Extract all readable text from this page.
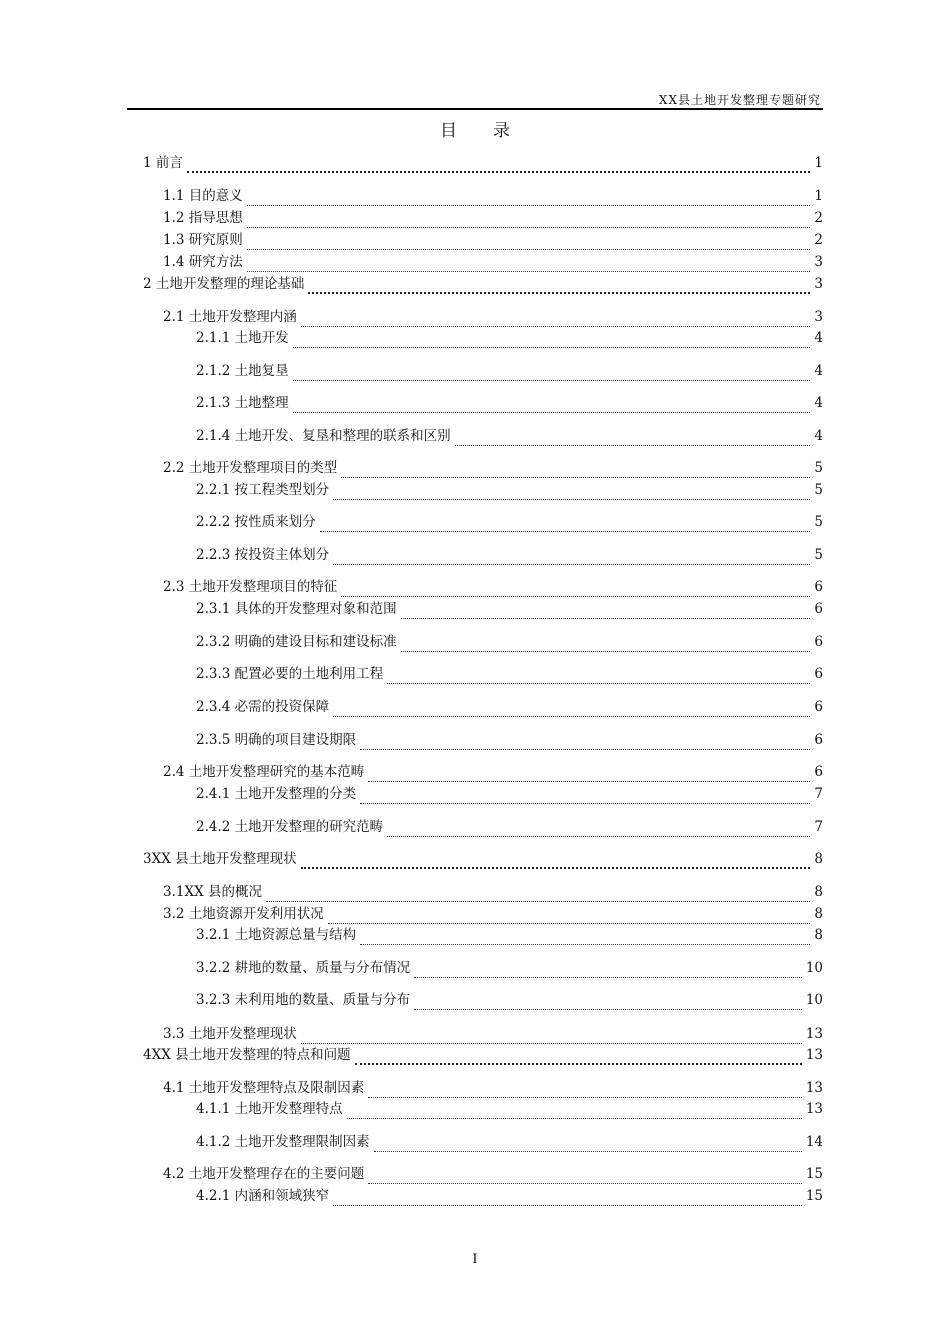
XX县土地开发整理专题研究
目录
1 前言	1
1.1 目的意义	1
1.2 指导思想	2
1.3 研究原则	2
1.4 研究方法	3
2 土地开发整理的理论基础	3
2.1 土地开发整理内涵	3
2.1.1 土地开发	4
2.1.2 土地复垦	4
2.1.3 土地整理	4
2.1.4 土地开发、复垦和整理的联系和区别	4
2.2 土地开发整理项目的类型	5
2.2.1 按工程类型划分	5
2.2.2 按性质来划分	5
2.2.3 按投资主体划分	5
2.3 土地开发整理项目的特征	6
2.3.1 具体的开发整理对象和范围	6
2.3.2 明确的建设目标和建设标准	6
2.3.3 配置必要的土地利用工程	6
2.3.4 必需的投资保障	6
2.3.5 明确的项目建设期限	6
2.4 土地开发整理研究的基本范畴	6
2.4.1 土地开发整理的分类	7
2.4.2 土地开发整理的研究范畴	7
3XX 县土地开发整理现状	8
3.1XX 县的概况	8
3.2 土地资源开发利用状况	8
3.2.1 土地资源总量与结构	8
3.2.2 耕地的数量、质量与分布情况	10
3.2.3 未利用地的数量、质量与分布	10
3.3 土地开发整理现状	13
4XX 县土地开发整理的特点和问题	13
4.1 土地开发整理特点及限制因素	13
4.1.1 土地开发整理特点	13
4.1.2 土地开发整理限制因素	14
4.2 土地开发整理存在的主要问题	15
4.2.1 内涵和领域狭窄	15
I
